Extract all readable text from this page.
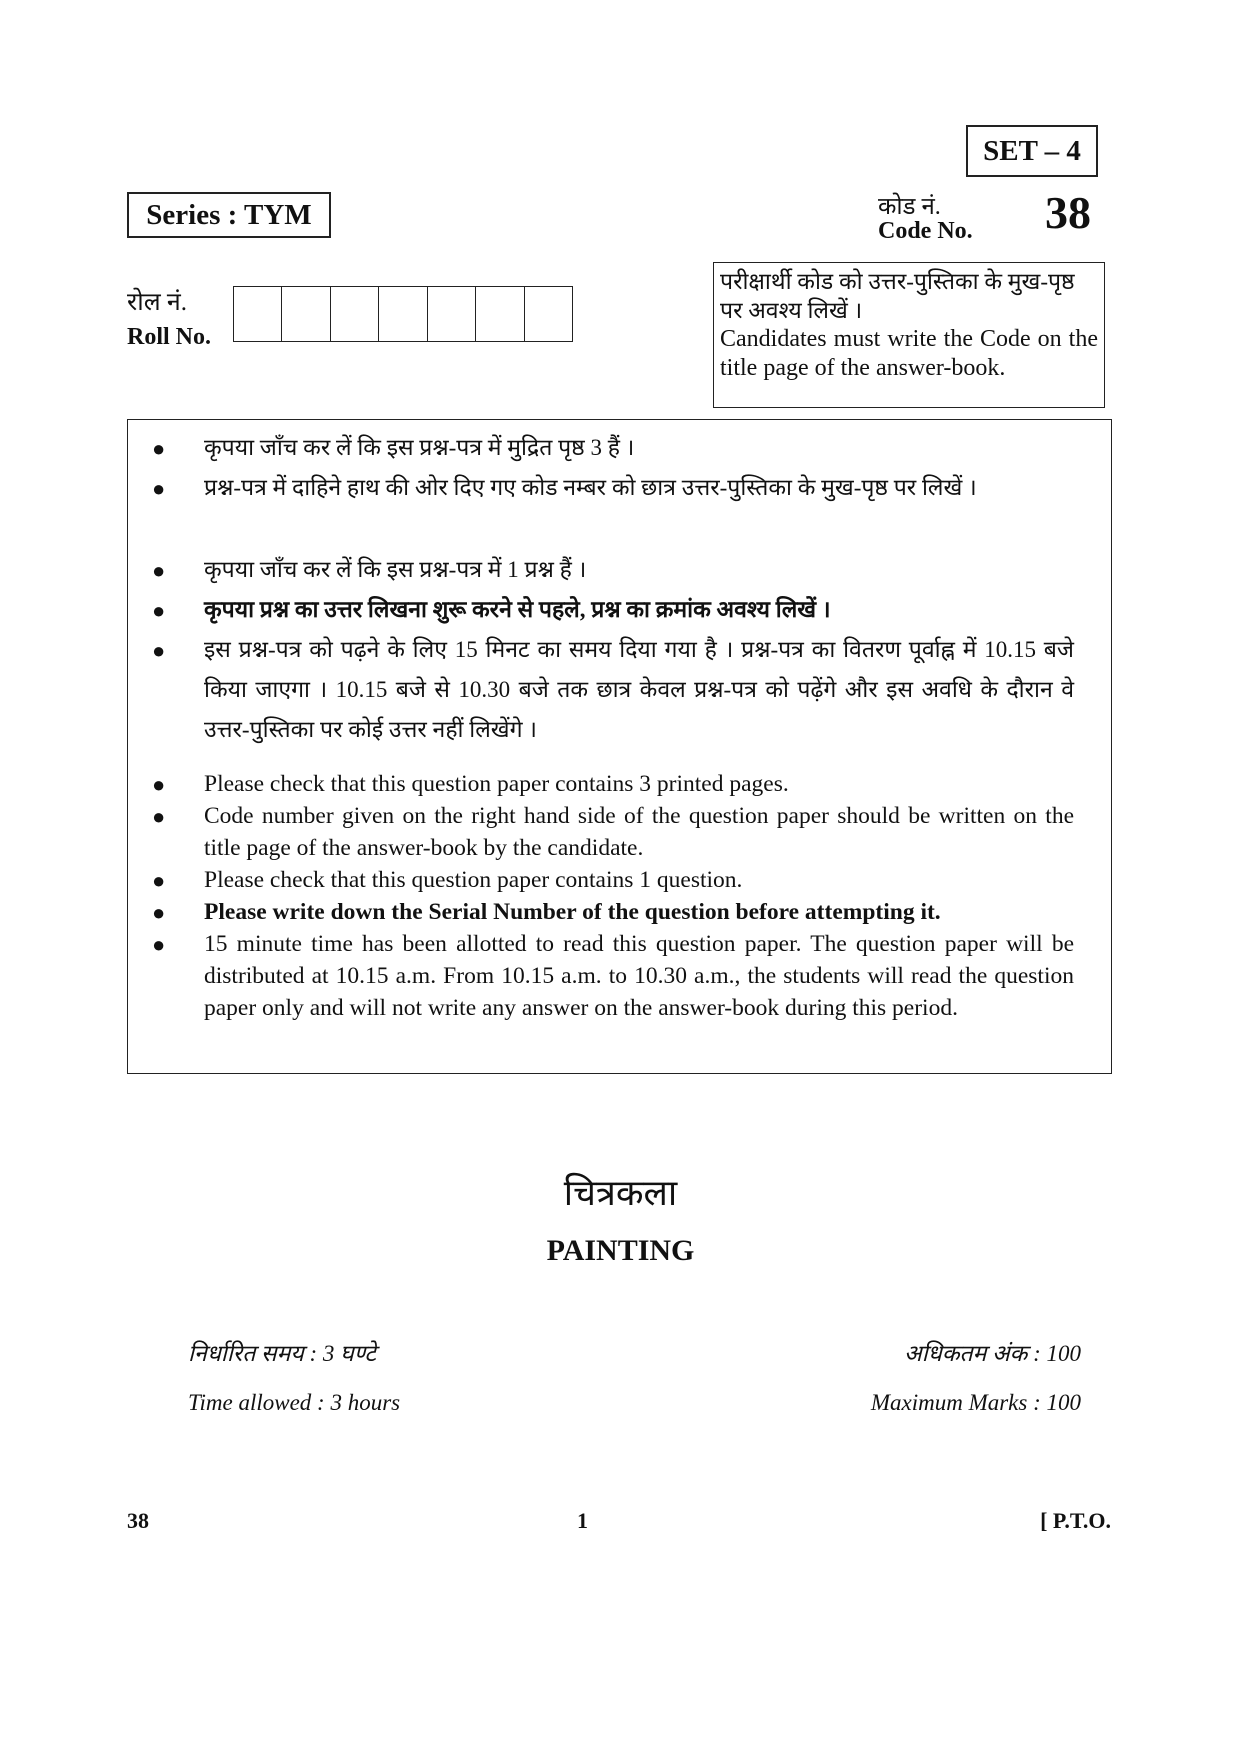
SET – 4
Series : TYM	कोड नं.
Code No. 38
रोल नं.
Roll No.
परीक्षार्थी कोड को उत्तर-पुस्तिका के मुख-पृष्ठ पर अवश्य लिखें ।
Candidates must write the Code on the title page of the answer-book.
● कृपया जाँच कर लें कि इस प्रश्न-पत्र में मुद्रित पृष्ठ 3 हैं ।
● प्रश्न-पत्र में दाहिने हाथ की ओर दिए गए कोड नम्बर को छात्र उत्तर-पुस्तिका के मुख-पृष्ठ पर लिखें ।
● कृपया जाँच कर लें कि इस प्रश्न-पत्र में 1 प्रश्न हैं ।
● कृपया प्रश्न का उत्तर लिखना शुरू करने से पहले, प्रश्न का क्रमांक अवश्य लिखें ।
● इस प्रश्न-पत्र को पढ़ने के लिए 15 मिनट का समय दिया गया है । प्रश्न-पत्र का वितरण पूर्वाह्न में 10.15 बजे किया जाएगा । 10.15 बजे से 10.30 बजे तक छात्र केवल प्रश्न-पत्र को पढ़ेंगे और इस अवधि के दौरान वे उत्तर-पुस्तिका पर कोई उत्तर नहीं लिखेंगे ।
● Please check that this question paper contains 3 printed pages.
● Code number given on the right hand side of the question paper should be written on the title page of the answer-book by the candidate.
● Please check that this question paper contains 1 question.
● Please write down the Serial Number of the question before attempting it.
● 15 minute time has been allotted to read this question paper. The question paper will be distributed at 10.15 a.m. From 10.15 a.m. to 10.30 a.m., the students will read the question paper only and will not write any answer on the answer-book during this period.
चित्रकला
PAINTING
निर्धारित समय : 3 घण्टे
Time allowed : 3 hours
अधिकतम अंक : 100
Maximum Marks : 100
38	1	[ P.T.O.
